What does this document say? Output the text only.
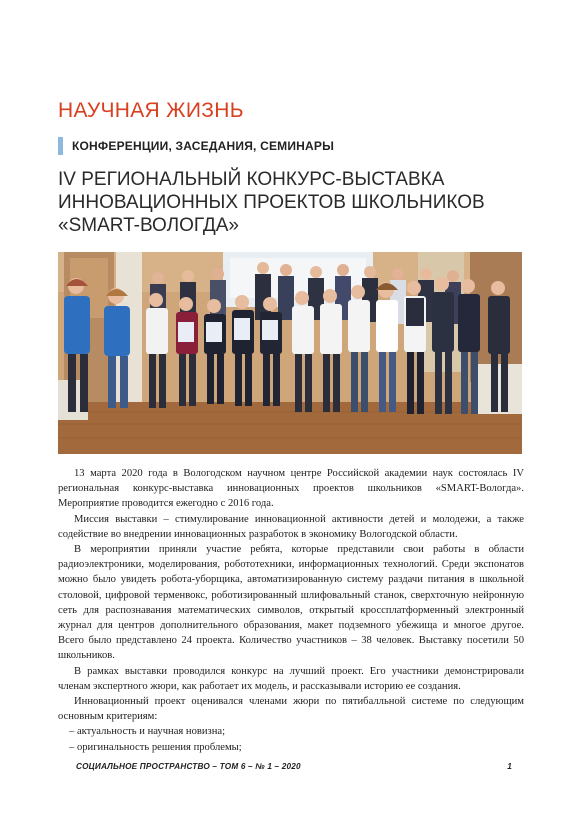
НАУЧНАЯ ЖИЗНЬ
КОНФЕРЕНЦИИ, ЗАСЕДАНИЯ, СЕМИНАРЫ
IV РЕГИОНАЛЬНЫЙ КОНКУРС-ВЫСТАВКА
ИННОВАЦИОННЫХ ПРОЕКТОВ ШКОЛЬНИКОВ
«SMART-ВОЛОГДА»

13 марта 2020 года в Вологодском научном центре Российской академии наук состоялась IV региональная конкурс-выставка инновационных проектов школьников «SMART-Вологда». Мероприятие проводится ежегодно с 2016 года.

Миссия выставки – стимулирование инновационной активности детей и молодежи, а также содействие во внедрении инновационных разработок в экономику Вологодской области.

В мероприятии приняли участие ребята, которые представили свои работы в области радиоэлектроники, моделирования, робототехники, информационных технологий. Среди экспонатов можно было увидеть робота-уборщика, автоматизированную систему раздачи питания в школьной столовой, цифровой терменвокс, роботизированный шлифовальный станок, сверхточную нейронную сеть для распознавания математических символов, открытый кроссплатформенный электронный журнал для центров дополнительного образования, макет подземного убежища и многое другое. Всего было представлено 24 проекта. Количество участников – 38 человек. Выставку посетили 50 школьников.

В рамках выставки проводился конкурс на лучший проект. Его участники демонстрировали членам экспертного жюри, как работает их модель, и рассказывали историю ее создания.

Инновационный проект оценивался членами жюри по пятибалльной системе по следующим основным критериям:

– актуальность и научная новизна;

– оригинальность решения проблемы;

СОЦИАЛЬНОЕ ПРОСТРАНСТВО – ТОМ 6 – № 1 – 2020	1
